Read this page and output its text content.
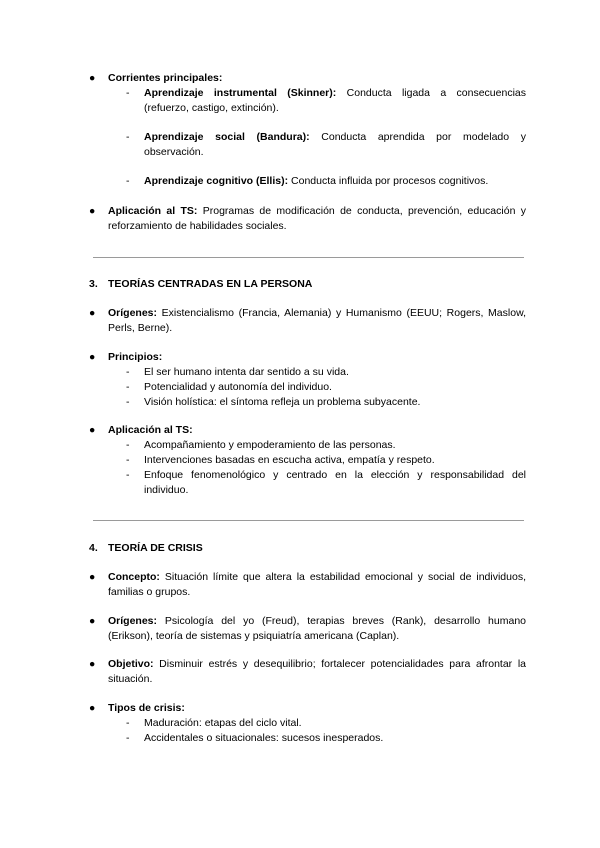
●	Corrientes principales:
- Aprendizaje instrumental (Skinner): Conducta ligada a consecuencias (refuerzo, castigo, extinción).
- Aprendizaje social (Bandura): Conducta aprendida por modelado y observación.
- Aprendizaje cognitivo (Ellis): Conducta influida por procesos cognitivos.
●	Aplicación al TS: Programas de modificación de conducta, prevención, educación y reforzamiento de habilidades sociales.
3. TEORÍAS CENTRADAS EN LA PERSONA
●	Orígenes: Existencialismo (Francia, Alemania) y Humanismo (EEUU; Rogers, Maslow, Perls, Berne).
●	Principios:
- El ser humano intenta dar sentido a su vida.
- Potencialidad y autonomía del individuo.
- Visión holística: el síntoma refleja un problema subyacente.
●	Aplicación al TS:
- Acompañamiento y empoderamiento de las personas.
- Intervenciones basadas en escucha activa, empatía y respeto.
- Enfoque fenomenológico y centrado en la elección y responsabilidad del individuo.
4. TEORÍA DE CRISIS
●	Concepto: Situación límite que altera la estabilidad emocional y social de individuos, familias o grupos.
●	Orígenes: Psicología del yo (Freud), terapias breves (Rank), desarrollo humano (Erikson), teoría de sistemas y psiquiatría americana (Caplan).
●	Objetivo: Disminuir estrés y desequilibrio; fortalecer potencialidades para afrontar la situación.
●	Tipos de crisis:
- Maduración: etapas del ciclo vital.
- Accidentales o situacionales: sucesos inesperados.
